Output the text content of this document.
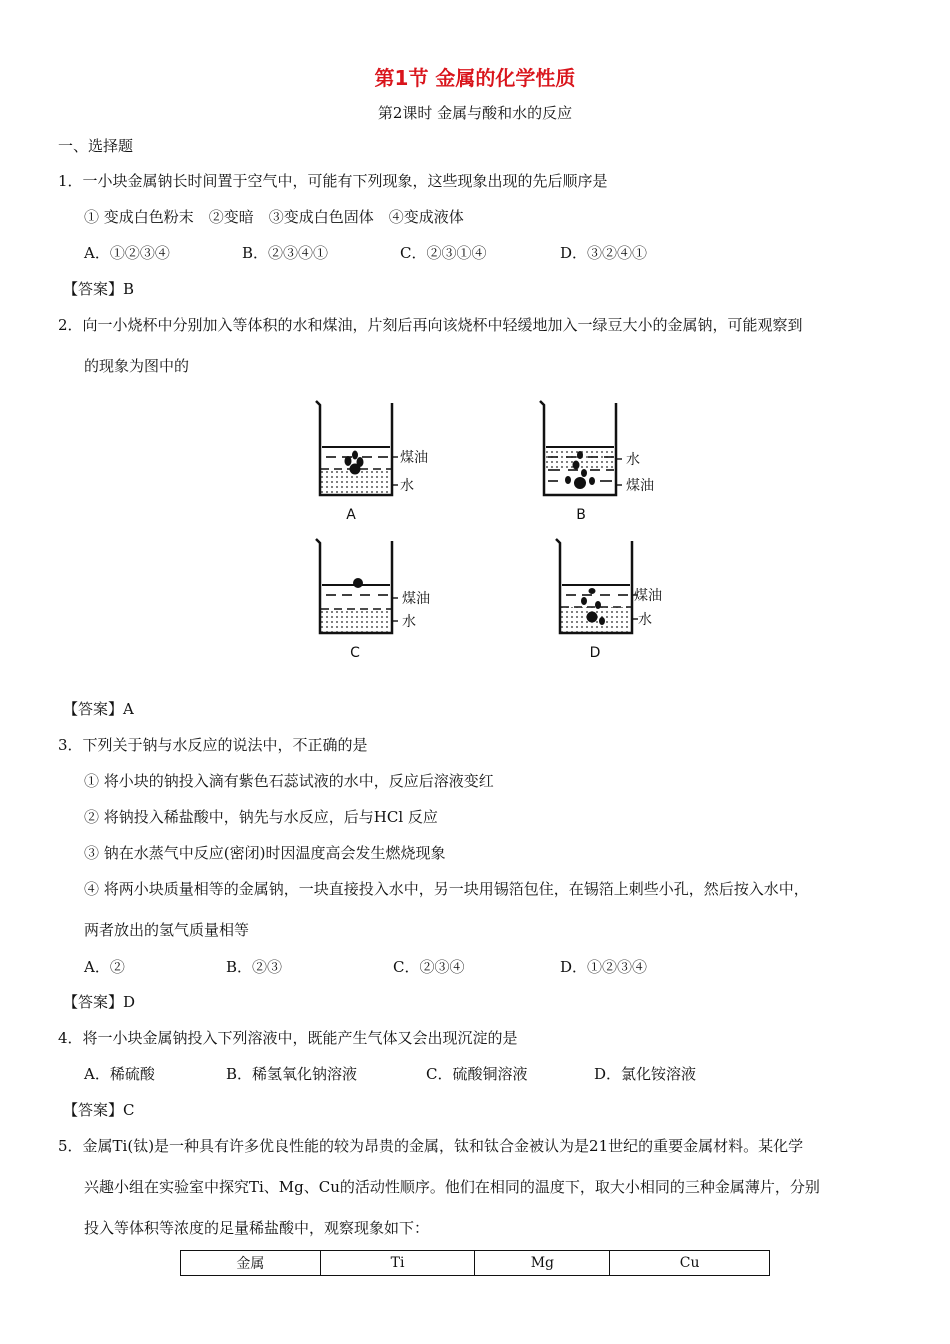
第1节 金属的化学性质
第2课时 金属与酸和水的反应
一、选择题
1．一小块金属钠长时间置于空气中，可能有下列现象，这些现象出现的先后顺序是
① 变成白色粉末　②变暗　③变成白色固体　④变成液体
A．①②③④	B．②③④①	C．②③①④	D．③②④①
【答案】B
2．向一小烧杯中分别加入等体积的水和煤油，片刻后再向该烧杯中轻缓地加入一绿豆大小的金属钠，可能观察到
的现象为图中的
煤油
水
A
水
煤油
B
煤油
水
C
煤油
水
D
【答案】A
3．下列关于钠与水反应的说法中，不正确的是
① 将小块的钠投入滴有紫色石蕊试液的水中，反应后溶液变红
② 将钠投入稀盐酸中，钠先与水反应，后与HCl 反应
③ 钠在水蒸气中反应(密闭)时因温度高会发生燃烧现象
④ 将两小块质量相等的金属钠，一块直接投入水中，另一块用锡箔包住，在锡箔上刺些小孔，然后按入水中，
两者放出的氢气质量相等
A．②	B．②③	C．②③④	D．①②③④
【答案】D
4．将一小块金属钠投入下列溶液中，既能产生气体又会出现沉淀的是
A．稀硫酸	B．稀氢氧化钠溶液	C．硫酸铜溶液	D．氯化铵溶液
【答案】C
5．金属Ti(钛)是一种具有许多优良性能的较为昂贵的金属，钛和钛合金被认为是21世纪的重要金属材料。某化学
兴趣小组在实验室中探究Ti、Mg、Cu的活动性顺序。他们在相同的温度下，取大小相同的三种金属薄片，分别
投入等体积等浓度的足量稀盐酸中，观察现象如下：
金属	Ti	Mg	Cu
